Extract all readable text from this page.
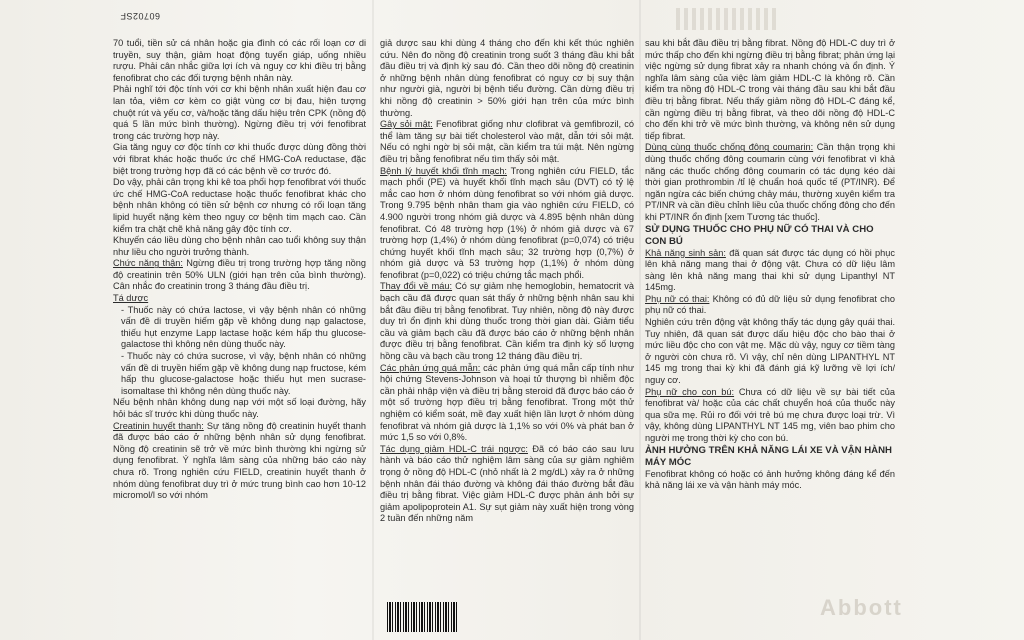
Abbott
60702SF

70 tuổi, tiền sử cá nhân hoặc gia đình có các rối loạn cơ di truyền, suy thận, giảm hoạt động tuyến giáp, uống nhiều rượu. Phải cân nhắc giữa lợi ích và nguy cơ khi điều trị bằng fenofibrat cho các đối tượng bệnh nhân này.

Phải nghĩ tới độc tính với cơ khi bệnh nhân xuất hiện đau cơ lan tỏa, viêm cơ kèm co giật vùng cơ bị đau, hiện tượng chuột rút và yếu cơ, và/hoặc tăng dấu hiệu trên CPK (nồng độ quá 5 lần mức bình thường). Ngừng điều trị với fenofibrat trong các trường hợp này.

Gia tăng nguy cơ độc tính cơ khi thuốc được dùng đồng thời với fibrat khác hoặc thuốc ức chế HMG-CoA reductase, đặc biệt trong trường hợp đã có các bệnh về cơ trước đó.

Do vậy, phải cân trọng khi kê toa phối hợp fenofibrat với thuốc ức chế HMG-CoA reductase hoặc thuốc fenofibrat khác cho bệnh nhân không có tiền sử bệnh cơ nhưng có rối loạn tăng lipid huyết nặng kèm theo nguy cơ bệnh tim mạch cao. Cần kiểm tra chặt chẽ khả năng gây độc tính cơ.

Khuyến cáo liều dùng cho bệnh nhân cao tuổi không suy thận như liều cho người trưởng thành.

Chức năng thận: Ngừng điều trị trong trường hợp tăng nồng độ creatinin trên 50% ULN (giới hạn trên của bình thường). Cân nhắc đo creatinin trong 3 tháng đầu điều trị.

Tá dược

- Thuốc này có chứa lactose, vì vậy bệnh nhân có những vấn đề di truyền hiếm gặp về không dung nạp galactose, thiếu hụt enzyme Lapp lactase hoặc kém hấp thu glucose-galactose thì không nên dùng thuốc này.

- Thuốc này có chứa sucrose, vì vậy, bệnh nhân có những vấn đề di truyền hiếm gặp về không dung nạp fructose, kém hấp thu glucose-galactose hoặc thiếu hụt men sucrase-isomaltase thì không nên dùng thuốc này.

Nếu bệnh nhân không dung nạp với một số loại đường, hãy hỏi bác sĩ trước khi dùng thuốc này.

Creatinin huyết thanh: Sự tăng nồng độ creatinin huyết thanh đã được báo cáo ở những bệnh nhân sử dụng fenofibrat. Nồng độ creatinin sẽ trở về mức bình thường khi ngừng sử dụng fenofibrat. Ý nghĩa lâm sàng của những báo cáo này chưa rõ. Trong nghiên cứu FIELD, creatinin huyết thanh ở nhóm dùng fenofibrat duy trì ở mức trung bình cao hơn 10-12 micromol/l so với nhóm

giả dược sau khi dùng 4 tháng cho đến khi kết thúc nghiên cứu. Nên đo nồng độ creatinin trong suốt 3 tháng đầu khi bắt đầu điều trị và định kỳ sau đó. Cần theo dõi nồng độ creatinin ở những bệnh nhân dùng fenofibrat có nguy cơ bị suy thận như người già, người bị bệnh tiểu đường. Cần dừng điều trị khi nồng độ creatinin > 50% giới hạn trên của mức bình thường.

Gây sỏi mật: Fenofibrat giống như clofibrat và gemfibrozil, có thể làm tăng sự bài tiết cholesterol vào mật, dẫn tới sỏi mật. Nếu có nghi ngờ bị sỏi mật, cần kiểm tra túi mật. Nên ngừng điều trị bằng fenofibrat nếu tìm thấy sỏi mật.

Bệnh lý huyết khối tĩnh mạch: Trong nghiên cứu FIELD, tắc mạch phổi (PE) và huyết khối tĩnh mạch sâu (DVT) có tỷ lệ mắc cao hơn ở nhóm dùng fenofibrat so với nhóm giả dược. Trong 9.795 bệnh nhân tham gia vào nghiên cứu FIELD, có 4.900 người trong nhóm giả dược và 4.895 bệnh nhân dùng fenofibrat. Có 48 trường hợp (1%) ở nhóm giả dược và 67 trường hợp (1,4%) ở nhóm dùng fenofibrat (p=0,074) có triệu chứng huyết khối tĩnh mạch sâu; 32 trường hợp (0,7%) ở nhóm giả dược và 53 trường hợp (1,1%) ở nhóm dùng fenofibrat (p=0,022) có triệu chứng tắc mạch phổi.

Thay đổi về máu: Có sự giảm nhẹ hemoglobin, hematocrit và bạch cầu đã được quan sát thấy ở những bệnh nhân sau khi bắt đầu điều trị bằng fenofibrat. Tuy nhiên, nồng độ này được duy trì ổn định khi dùng thuốc trong thời gian dài. Giảm tiểu cầu và giảm bạch cầu đã được báo cáo ở những bệnh nhân được điều trị bằng fenofibrat. Cần kiểm tra định kỳ số lượng hồng cầu và bạch cầu trong 12 tháng đầu điều trị.

Các phản ứng quá mẫn: các phản ứng quá mẫn cấp tính như hội chứng Stevens-Johnson và hoại tử thượng bì nhiễm độc cần phải nhập viện và điều trị bằng steroid đã được báo cáo ở một số trường hợp điều trị bằng fenofibrat. Trong một thử nghiệm có kiểm soát, mề đay xuất hiện lần lượt ở nhóm dùng fenofibrat và nhóm giả dược là 1,1% so với 0% và phát ban ở mức 1,5 so với 0,8%.

Tác dụng giảm HDL-C trái ngược: Đã có báo cáo sau lưu hành và báo cáo thử nghiệm lâm sàng của sự giảm nghiêm trọng ở nồng độ HDL-C (nhỏ nhất là 2 mg/dL) xảy ra ở những bệnh nhân đái tháo đường và không đái tháo đường bắt đầu điều trị bằng fibrat. Việc giảm HDL-C được phản ánh bởi sự giảm apolipoprotein A1. Sự sụt giảm này xuất hiện trong vòng 2 tuần đến những năm

sau khi bắt đầu điều trị bằng fibrat. Nồng độ HDL-C duy trì ở mức thấp cho đến khi ngừng điều trị bằng fibrat; phản ứng lại việc ngừng sử dụng fibrat xảy ra nhanh chóng và ổn định. Ý nghĩa lâm sàng của việc làm giảm HDL-C là không rõ. Cần kiểm tra nồng độ HDL-C trong vài tháng đầu sau khi bắt đầu điều trị bằng fibrat. Nếu thấy giảm nồng độ HDL-C đáng kể, cần ngừng điều trị bằng fibrat, và theo dõi nồng độ HDL-C cho đến khi trở về mức bình thường, và không nên sử dụng tiếp fibrat.

Dùng cùng thuốc chống đông coumarin: Cần thận trọng khi dùng thuốc chống đông coumarin cùng với fenofibrat vì khả năng các thuốc chống đông coumarin có tác dụng kéo dài thời gian prothrombin /tỉ lệ chuẩn hoá quốc tế (PT/INR). Để ngăn ngừa các biến chứng chảy máu, thường xuyên kiểm tra PT/INR và cần điều chỉnh liều của thuốc chống đông cho đến khi PT/INR ổn định [xem Tương tác thuốc].

SỬ DỤNG THUỐC CHO PHỤ NỮ CÓ THAI VÀ CHO CON BÚ

Khả năng sinh sản: đã quan sát được tác dụng có hồi phục lên khả năng mang thai ở động vật. Chưa có dữ liệu lâm sàng lên khả năng mang thai khi sử dụng Lipanthyl NT 145mg.

Phụ nữ có thai: Không có đủ dữ liệu sử dụng fenofibrat cho phụ nữ có thai.

Nghiên cứu trên động vật không thấy tác dụng gây quái thai. Tuy nhiên, đã quan sát được dấu hiệu độc cho bào thai ở mức liều độc cho con vật mẹ. Mặc dù vậy, nguy cơ tiềm tàng ở người còn chưa rõ. Vì vậy, chỉ nên dùng LIPANTHYL NT 145 mg trong thai kỳ khi đã đánh giá kỹ lưỡng về lợi ích/ nguy cơ.

Phụ nữ cho con bú: Chưa có dữ liệu về sự bài tiết của fenofibrat và/ hoặc của các chất chuyển hoá của thuốc này qua sữa mẹ. Rủi ro đối với trẻ bú mẹ chưa được loại trừ. Vì vậy, không dùng LIPANTHYL NT 145 mg, viên bao phim cho người mẹ trong thời kỳ cho con bú.

ẢNH HƯỞNG TRÊN KHẢ NĂNG LÁI XE VÀ VẬN HÀNH MÁY MÓC

Fenofibrat không có hoặc có ảnh hưởng không đáng kể đến khả năng lái xe và vận hành máy móc.
